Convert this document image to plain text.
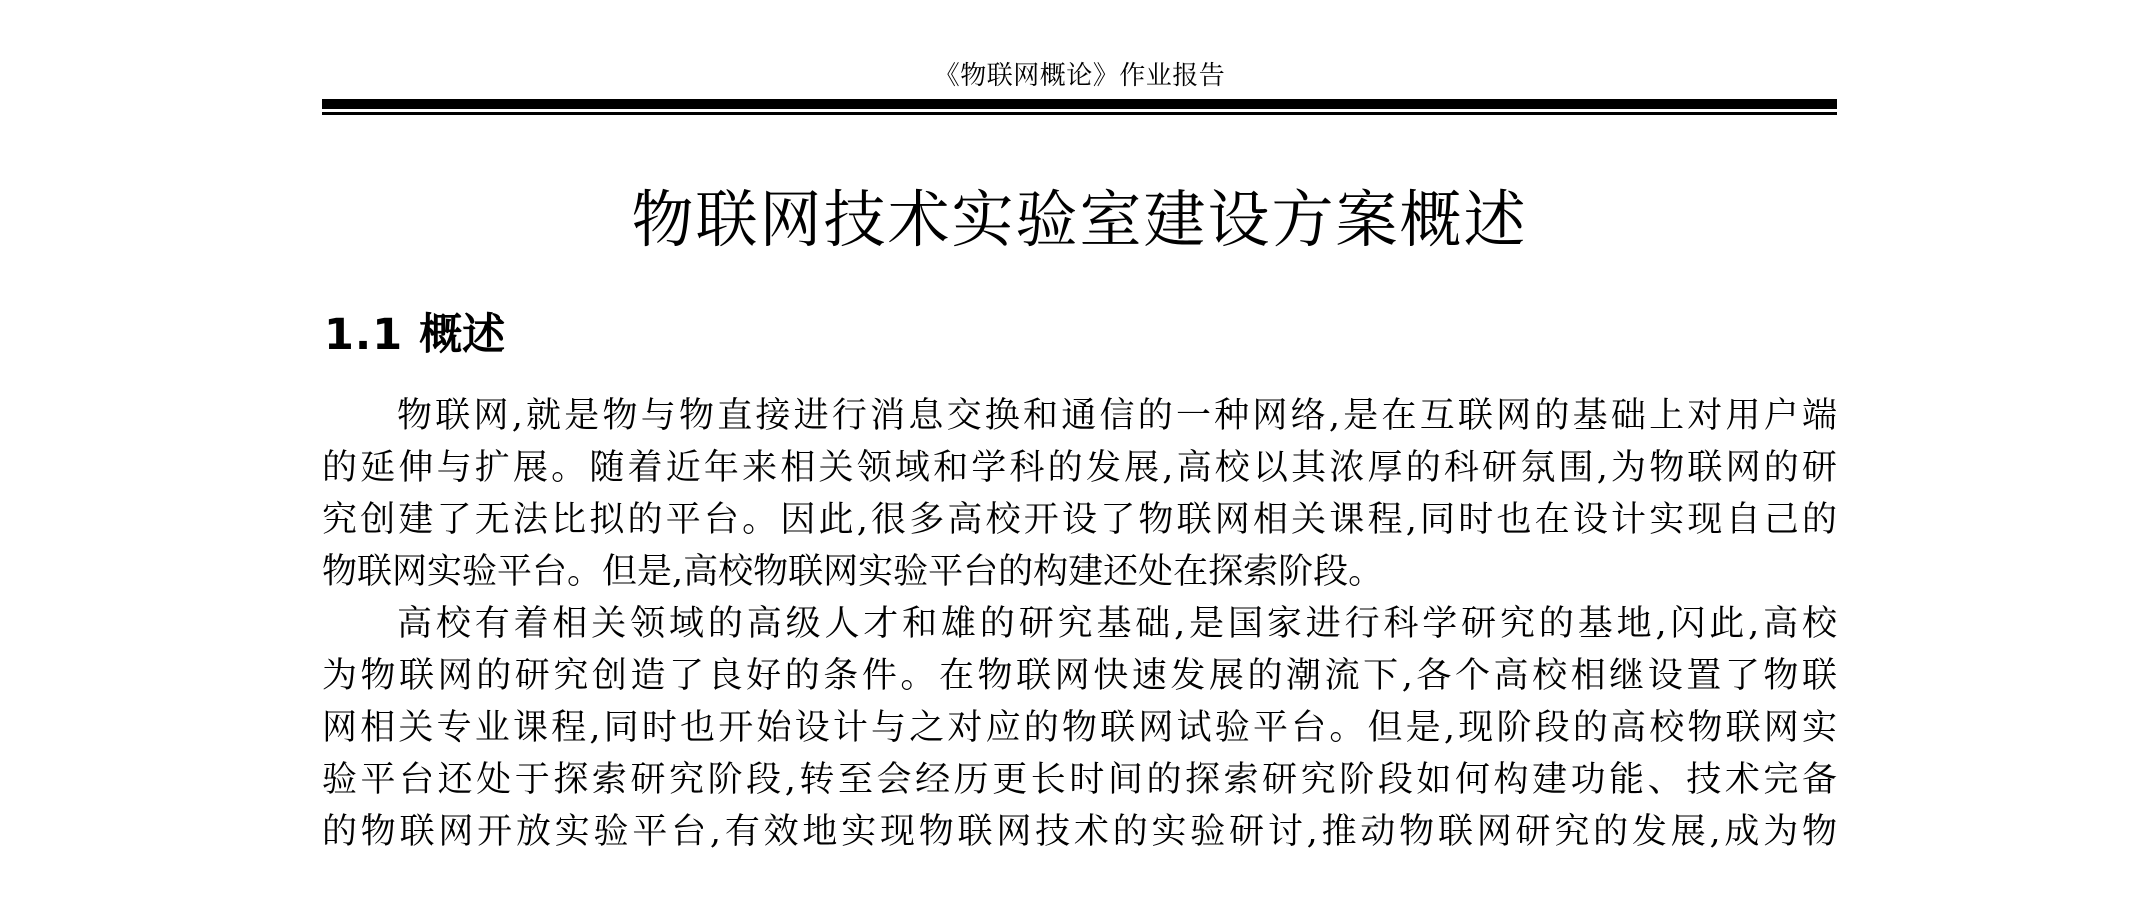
《物联网概论》作业报告
物联网技术实验室建设方案概述
1.1 概述
物联网,就是物与物直接进行消息交换和通信的一种网络,是在互联网的基础上对用户端
的延伸与扩展。随着近年来相关领域和学科的发展,高校以其浓厚的科研氛围,为物联网的研
究创建了无法比拟的平台。因此,很多高校开设了物联网相关课程,同时也在设计实现自己的
物联网实验平台。但是,高校物联网实验平台的构建还处在探索阶段。
高校有着相关领域的高级人才和雄的研究基础,是国家进行科学研究的基地,闪此,高校
为物联网的研究创造了良好的条件。在物联网快速发展的潮流下,各个高校相继设置了物联
网相关专业课程,同时也开始设计与之对应的物联网试验平台。但是,现阶段的高校物联网实
验平台还处于探索研究阶段,转至会经历更长时间的探索研究阶段如何构建功能、技术完备
的物联网开放实验平台,有效地实现物联网技术的实验研讨,推动物联网研究的发展,成为物
